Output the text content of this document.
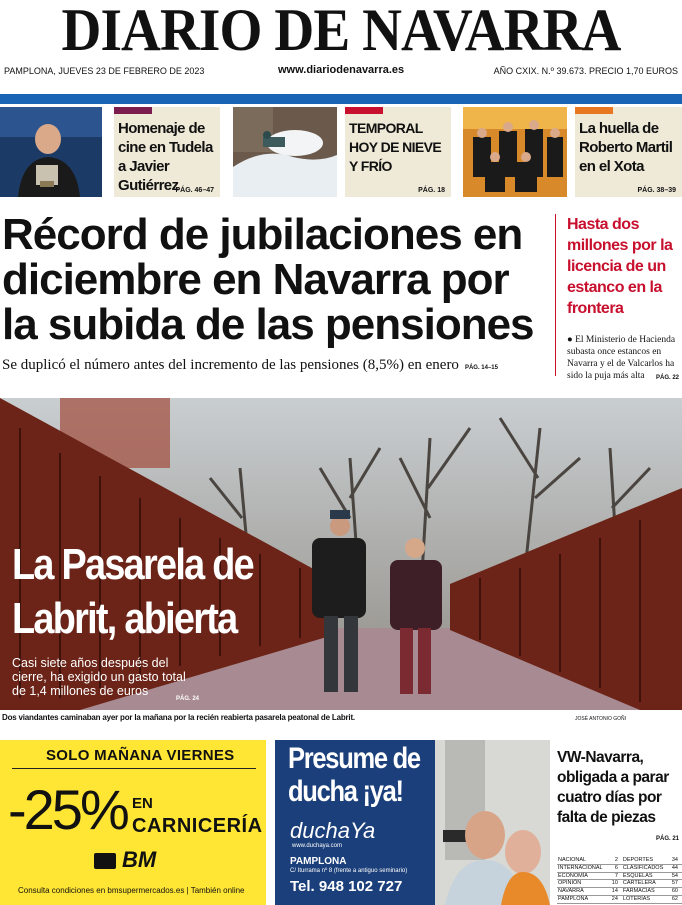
DIARIO DE NAVARRA
PAMPLONA, JUEVES 23 DE FEBRERO DE 2023	www.diariodenavarra.es	AÑO CXIX. N.º 39.673. PRECIO 1,70 EUROS
Homenaje de cine en Tudela a Javier Gutiérrez
PÁG. 46–47
TEMPORAL HOY DE NIEVE Y FRÍO
PÁG. 18
La huella de Roberto Martil en el Xota
PÁG. 38–39
Récord de jubilaciones en diciembre en Navarra por la subida de las pensiones
Se duplicó el número antes del incremento de las pensiones (8,5%) en enero PÁG. 14–15
Hasta dos millones por la licencia de un estanco en la frontera
● El Ministerio de Hacienda subasta once estancos en Navarra y el de Valcarlos ha sido la puja más alta PÁG. 22
La Pasarela de
Labrit, abierta
Casi siete años después del cierre, ha exigido un gasto total de 1,4 millones de euros
PÁG. 24
Dos viandantes caminaban ayer por la mañana por la recién reabierta pasarela peatonal de Labrit.	JOSÉ ANTONIO GOÑI
SOLO MAÑANA VIERNES
-25% EN
CARNICERÍA
BM
Consulta condiciones en bmsupermercados.es | También online
Presume de
ducha ¡ya!
duchaYa
www.duchaya.com
PAMPLONA
C/ Iturrama nº 8 (frente a antiguo seminario)
Tel. 948 102 727
VW-Navarra, obligada a parar cuatro días por falta de piezas
PÁG. 21
NACIONAL	2	DEPORTES	34
INTERNACIONAL	6	CLASIFICADOS	44
ECONOMÍA	7	ESQUELAS	54
OPINIÓN	10	CARTELERA	57
NAVARRA	14	FARMACIAS	60
PAMPLONA	24	LOTERÍAS	62
